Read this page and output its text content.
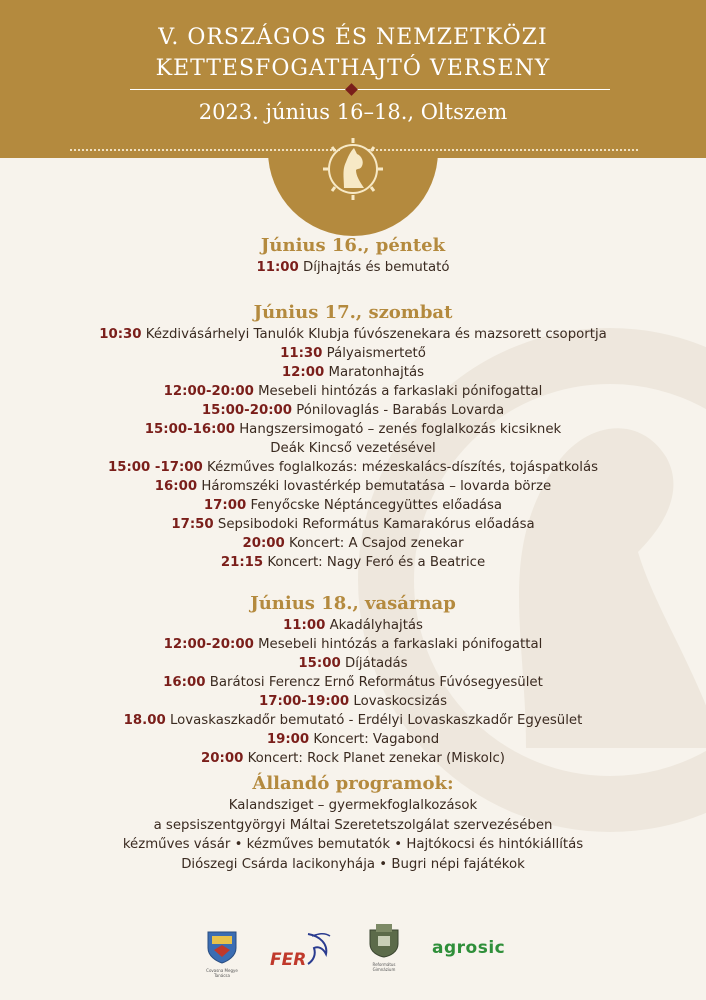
V. ORSZÁGOS ÉS NEMZETKÖZI
KETTESFOGATHAJTÓ VERSENY
2023. június 16–18., Oltszem
Június 16., péntek
11:00 Díjhajtás és bemutató
Június 17., szombat
10:30 Kézdivásárhelyi Tanulók Klubja fúvószenekara és mazsorett csoportja
11:30 Pályaismertető
12:00 Maratonhajtás
12:00-20:00 Mesebeli hintózás a farkaslaki pónifogattal
15:00-20:00 Pónilovaglás - Barabás Lovarda
15:00-16:00 Hangszersimogató – zenés foglalkozás kicsiknek
Deák Kincső vezetésével
15:00 -17:00 Kézműves foglalkozás: mézeskalács-díszítés, tojáspatkolás
16:00 Háromszéki lovastérkép bemutatása – lovarda börze
17:00 Fenyőcske Néptáncegyüttes előadása
17:50 Sepsibodoki Református Kamarakórus előadása
20:00 Koncert: A Csajod zenekar
21:15 Koncert: Nagy Feró és a Beatrice
Június 18., vasárnap
11:00 Akadályhajtás
12:00-20:00 Mesebeli hintózás a farkaslaki pónifogattal
15:00 Díjátadás
16:00 Barátosi Ferencz Ernő Református Fúvósegyesület
17:00-19:00 Lovaskocsizás
18.00 Lovaskaszkadőr bemutató - Erdélyi Lovaskaszkadőr Egyesület
19:00 Koncert: Vagabond
20:00 Koncert: Rock Planet zenekar (Miskolc)
Állandó programok:
Kalandsziget – gyermekfoglalkozások
a sepsiszentgyörgyi Máltai Szeretetszolgálat szervezésében
kézműves vásár • kézműves bemutatók • Hajtókocsi és hintókiállítás
Diószegi Csárda lacikonyhája • Bugri népi fajátékok
Covasna Megye Tanácsa
FER	Református Gimnázium
agrosic
